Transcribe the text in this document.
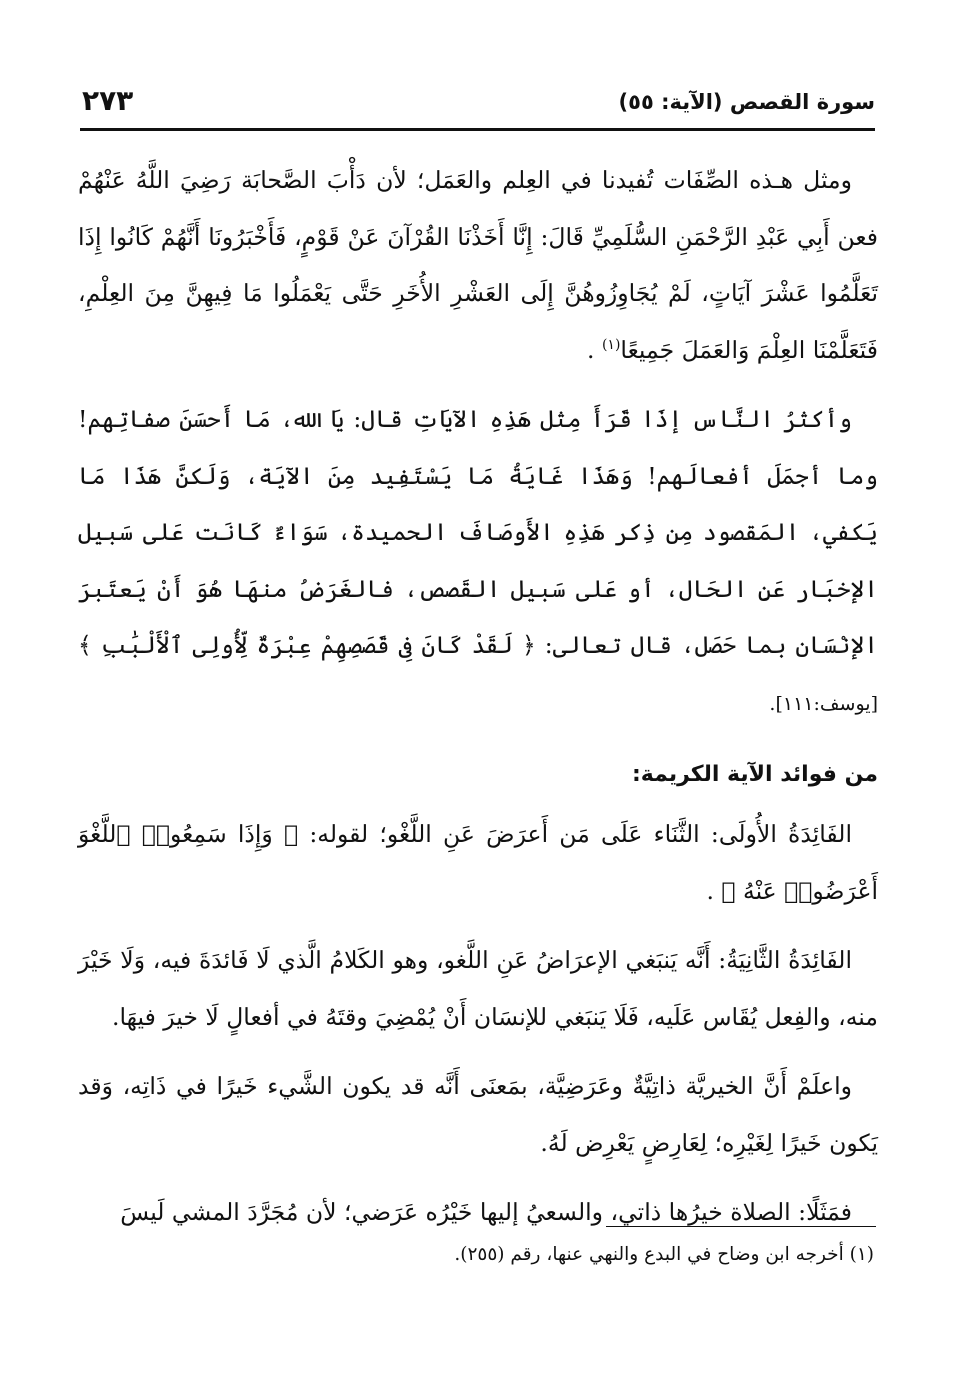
سورة القصص (الآية: ٥٥)
٢٧٣

ومثل هـذه الصِّفَات تُفيدنا في العِلم والعَمَل؛ لأن دَأْبَ الصَّحابَة رَضِيَ اللَّهُ عَنْهُمْ فعن أَبِي عَبْدِ الرَّحْمَنِ السُّلَمِيِّ قَالَ: إِنَّا أَخَذْنَا القُرْآنَ عَنْ قَوْمٍ، فَأَخْبَرُونَا أَنَّهُمْ كَانُوا إِذَا تَعَلَّمُوا عَشْرَ آيَاتٍ، لَمْ يُجَاوِزُوهُنَّ إِلَى العَشْرِ الأُخَرِ حَتَّى يَعْمَلُوا مَا فِيهِنَّ مِنَ العِلْمِ، فَتَعَلَّمْنَا العِلْمَ وَالعَمَلَ جَمِيعًا$^{(١)}$ .

وأكثرُ النَّاس إذَا قَرَأَ مِثل هَذِهِ الآيَاتِ قال: يَا الله، مَا أَحسَنَ صفاتِهم! وما أجمَلَ أفعالَهم! وَهَذَا غَايَةُ مَا يَسْتَفِيد مِنَ الآيَة، وَلَكنَّ هَذَا مَا يَكفي، المَقصود مِن ذِكر هَذِهِ الأَوصَافَ الحميدة، سَوَاءٌ كَانَت عَلى سَبيل الإخبَار عَنِ الحَال، أو عَلى سَبيل القَصص، فالغَرَضُ منهَا هُوَ أَنْ يَعتَبرَ الإنْسَان بما حَصَل، قال تعالى: ﴿ لَقَدْ كَانَ فِى قَصَصِهِمْ عِبْرَةٌ لِّأُولِى ٱلْأَلْبَٰبِ ﴾ [يوسف:١١١].

من فوائد الآية الكريمة:

الفَائِدَةُ الأُولَى: الثَّنَاء عَلَى مَن أَعرَضَ عَنِ اللَّغْو؛ لقوله: ﴿ وَإِذَا سَمِعُوا۟ ٱللَّغْوَ أَعْرَضُوا۟ عَنْهُ ﴾ .

الفَائِدَةُ الثَّانِيَةُ: أَنَّه يَنبَغي الإعرَاضُ عَنِ اللَّغو، وهو الكَلامُ الَّذي لَا فَائدَةَ فيه، وَلَا خَيْرَ منه، والفِعل يُقَاس عَلَيه، فَلَا يَنبَغي للإنسَان أَنْ يُمْضِيَ وقتَهُ في أفعالٍ لَا خيرَ فيهَا.

واعلَمْ أَنَّ الخيريَّة ذاتِيَّةٌ وعَرَضِيَّة، بمَعنَى أَنَّه قد يكون الشَّيء خَيرًا في ذَاتِه، وَقد يَكون خَيرًا لِغَيْرِه؛ لِعَارِضٍ يَعْرِض لَهُ.

فمَثَلًا: الصلاة خيرُها ذاتي، والسعيُ إليها خَيْرُه عَرَضي؛ لأن مُجَرَّدَ المشي لَيسَ

(١) أخرجه ابن وضاح في البدع والنهي عنها، رقم (٢٥٥).
